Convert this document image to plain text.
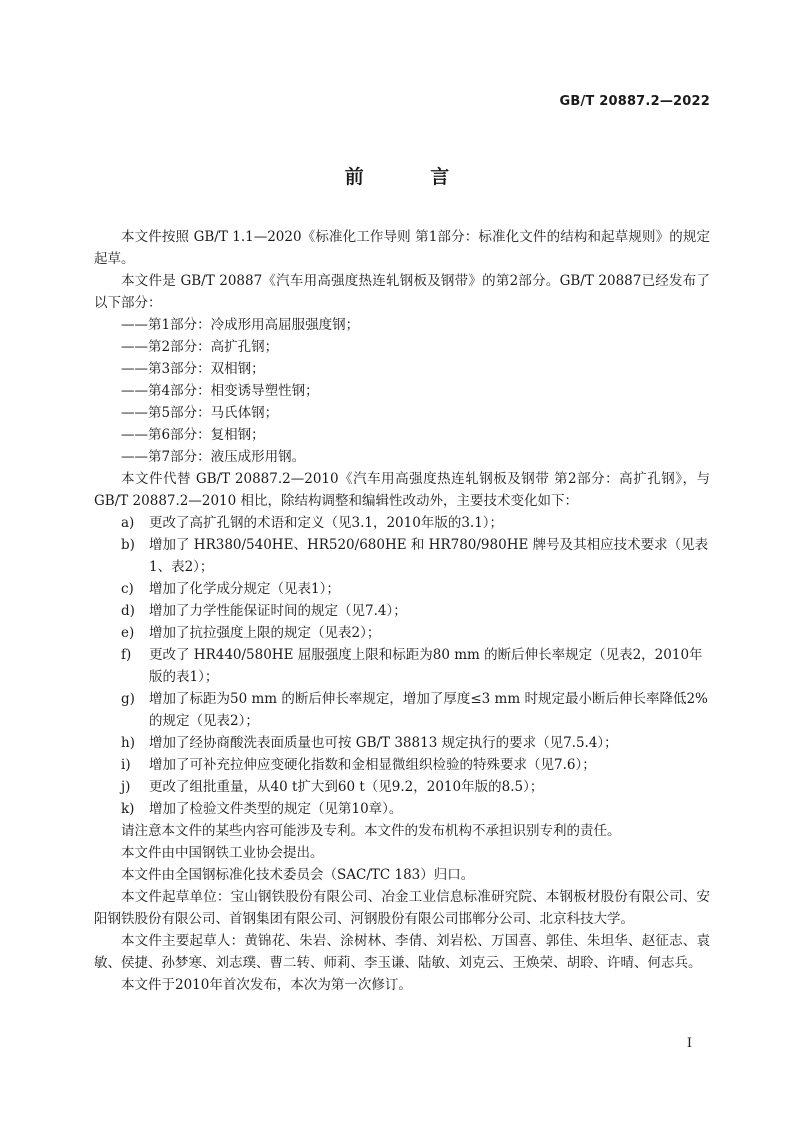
GB/T 20887.2—2022
前 言

本文件按照 GB/T 1.1—2020《标准化工作导则 第1部分：标准化文件的结构和起草规则》的规定起草。

本文件是 GB/T 20887《汽车用高强度热连轧钢板及钢带》的第2部分。GB/T 20887已经发布了以下部分：

——第1部分：冷成形用高屈服强度钢；

——第2部分：高扩孔钢；

——第3部分：双相钢；

——第4部分：相变诱导塑性钢；

——第5部分：马氏体钢；

——第6部分：复相钢；

——第7部分：液压成形用钢。

本文件代替 GB/T 20887.2—2010《汽车用高强度热连轧钢板及钢带 第2部分：高扩孔钢》，与 GB/T 20887.2—2010 相比，除结构调整和编辑性改动外，主要技术变化如下：

a) 更改了高扩孔钢的术语和定义（见3.1，2010年版的3.1）；

b) 增加了 HR380/540HE、HR520/680HE 和 HR780/980HE 牌号及其相应技术要求（见表1、表2）；

c) 增加了化学成分规定（见表1）；

d) 增加了力学性能保证时间的规定（见7.4）；

e) 增加了抗拉强度上限的规定（见表2）；

f) 更改了 HR440/580HE 屈服强度上限和标距为80 mm 的断后伸长率规定（见表2，2010年版的表1）；

g) 增加了标距为50 mm 的断后伸长率规定，增加了厚度≤3 mm 时规定最小断后伸长率降低2%的规定（见表2）；

h) 增加了经协商酸洗表面质量也可按 GB/T 38813 规定执行的要求（见7.5.4）；

i) 增加了可补充拉伸应变硬化指数和金相显微组织检验的特殊要求（见7.6）；

j) 更改了组批重量，从40 t扩大到60 t（见9.2，2010年版的8.5）；

k) 增加了检验文件类型的规定（见第10章）。

请注意本文件的某些内容可能涉及专利。本文件的发布机构不承担识别专利的责任。

本文件由中国钢铁工业协会提出。

本文件由全国钢标准化技术委员会（SAC/TC 183）归口。

本文件起草单位：宝山钢铁股份有限公司、冶金工业信息标准研究院、本钢板材股份有限公司、安阳钢铁股份有限公司、首钢集团有限公司、河钢股份有限公司邯郸分公司、北京科技大学。

本文件主要起草人：黄锦花、朱岩、涂树林、李倩、刘岩松、万国喜、郭佳、朱坦华、赵征志、袁敏、侯捷、孙梦寒、刘志璞、曹二转、师莉、李玉谦、陆敏、刘克云、王焕荣、胡聆、许晴、何志兵。

本文件于2010年首次发布，本次为第一次修订。

I
